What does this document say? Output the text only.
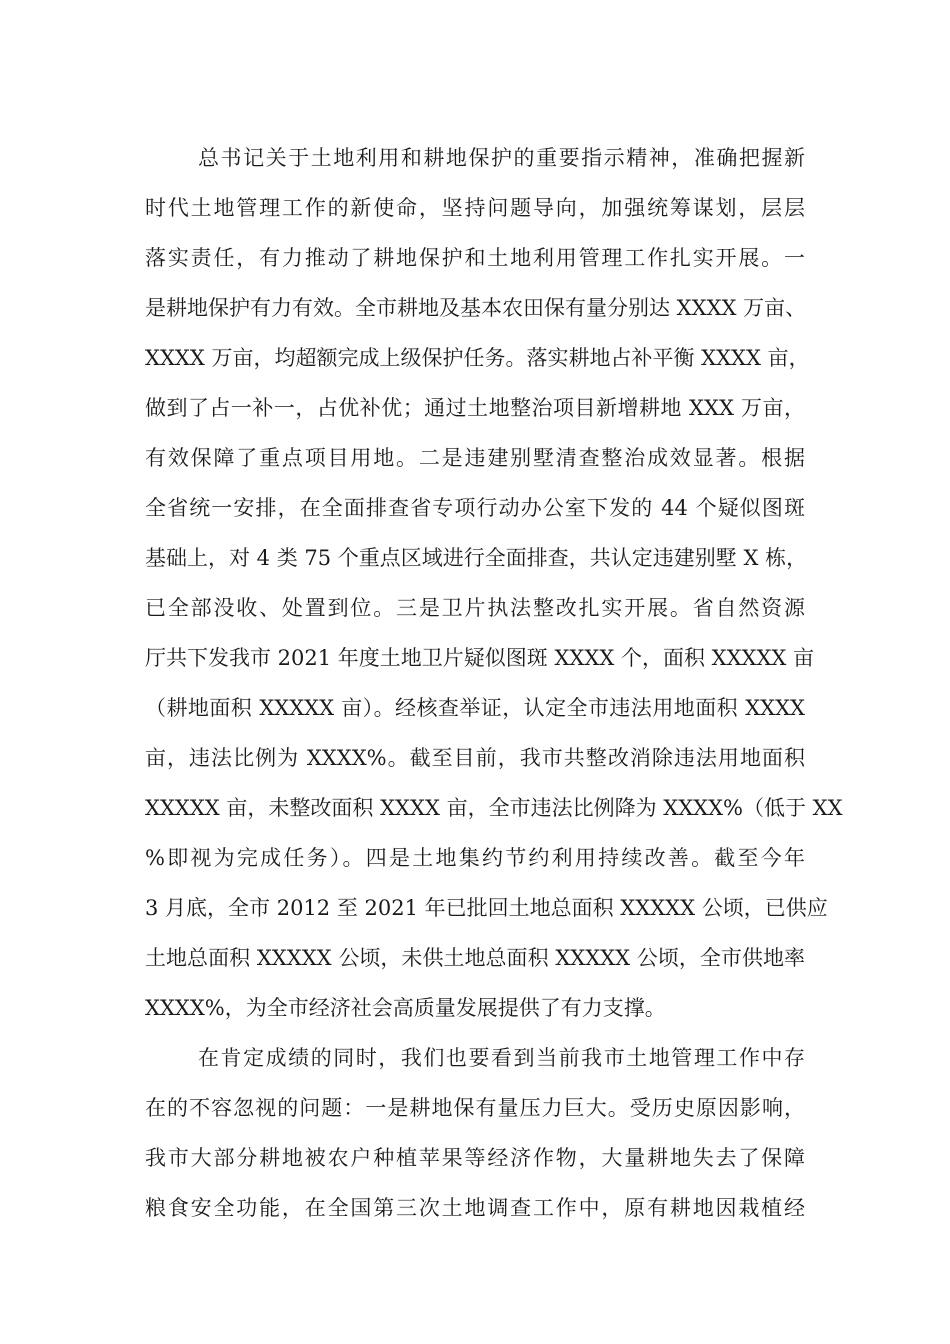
总书记关于土地利用和耕地保护的重要指示精神，准确把握新
时代土地管理工作的新使命，坚持问题导向，加强统筹谋划，层层
落实责任，有力推动了耕地保护和土地利用管理工作扎实开展。一
是耕地保护有力有效。全市耕地及基本农田保有量分别达 XXXX 万亩、
XXXX 万亩，均超额完成上级保护任务。落实耕地占补平衡 XXXX 亩，
做到了占一补一，占优补优；通过土地整治项目新增耕地 XXX 万亩，
有效保障了重点项目用地。二是违建别墅清查整治成效显著。根据
全省统一安排，在全面排查省专项行动办公室下发的 44 个疑似图斑
基础上，对 4 类 75 个重点区域进行全面排查，共认定违建别墅 X 栋，
已全部没收、处置到位。三是卫片执法整改扎实开展。省自然资源
厅共下发我市 2021 年度土地卫片疑似图斑 XXXX 个，面积 XXXXX 亩
（耕地面积 XXXXX 亩）。经核查举证，认定全市违法用地面积 XXXX
亩，违法比例为 XXXX%。截至目前，我市共整改消除违法用地面积
XXXXX 亩，未整改面积 XXXX 亩，全市违法比例降为 XXXX%（低于 XX
%即视为完成任务）。四是土地集约节约利用持续改善。截至今年
3 月底，全市 2012 至 2021 年已批回土地总面积 XXXXX 公顷，已供应
土地总面积 XXXXX 公顷，未供土地总面积 XXXXX 公顷，全市供地率
XXXX%，为全市经济社会高质量发展提供了有力支撑。
在肯定成绩的同时，我们也要看到当前我市土地管理工作中存
在的不容忽视的问题：一是耕地保有量压力巨大。受历史原因影响，
我市大部分耕地被农户种植苹果等经济作物，大量耕地失去了保障
粮食安全功能，在全国第三次土地调查工作中，原有耕地因栽植经
